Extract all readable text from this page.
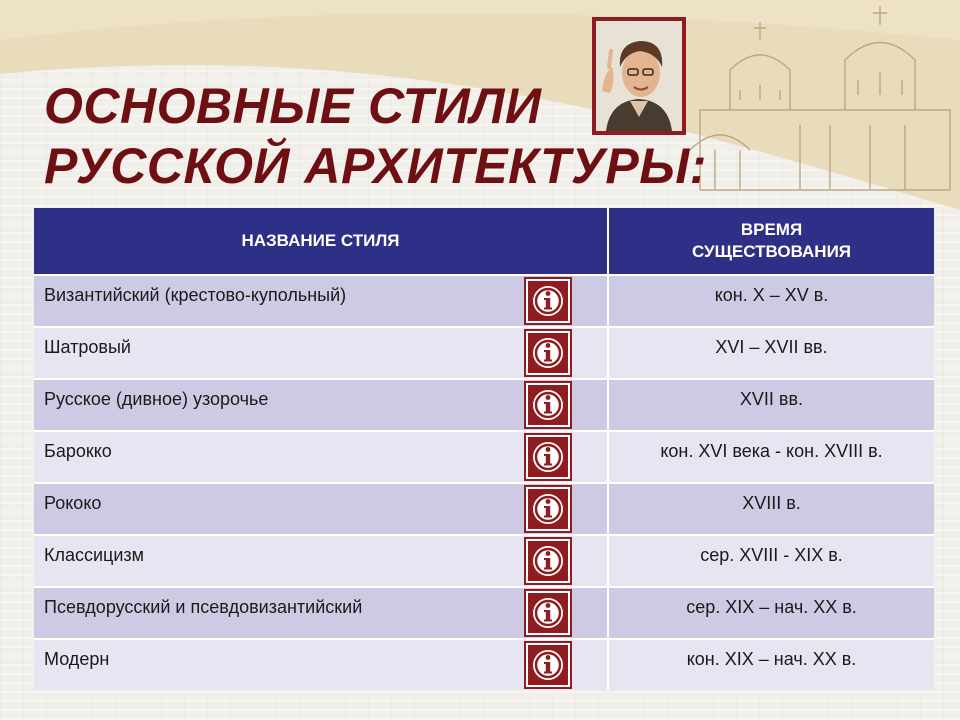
ОСНОВНЫЕ СТИЛИ
РУССКОЙ АРХИТЕКТУРЫ:
НАЗВАНИЕ СТИЛЯ	ВРЕМЯ
СУЩЕСТВОВАНИЯ

Византийский (крестово-купольный)	кон. X – XV в.

Шатровый	XVI – XVII вв.

Русское (дивное) узорочье	XVII вв.

Барокко	кон. XVI века - кон. XVIII в.

Рококо	XVIII в.

Классицизм	сер. XVIII - XIX в.

Псевдорусский и псевдовизантийский	сер. XIX – нач. XX в.

Модерн	кон. XIX – нач. XX в.
